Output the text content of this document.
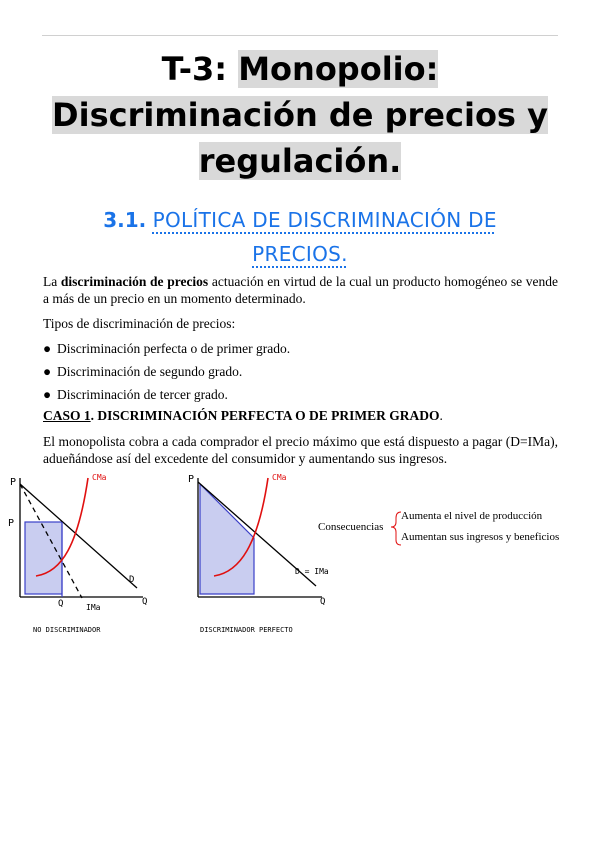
T-3: Monopolio:
Discriminación de precios y
regulación.
3.1. POLÍTICA DE DISCRIMINACIÓN DE
PRECIOS.
La discriminación de precios actuación en virtud de la cual un producto homogéneo se vende a más de un precio en un momento determinado.
Tipos de discriminación de precios:
● Discriminación perfecta o de primer grado.
● Discriminación de segundo grado.
● Discriminación de tercer grado.
CASO 1. DISCRIMINACIÓN PERFECTA O DE PRIMER GRADO.
El monopolista cobra a cada comprador el precio máximo que está dispuesto a pagar (D=IMa), adueñándose así del excedente del consumidor y aumentando sus ingresos.
P
P
CMa
D
Q	Q
IMa
NO DISCRIMINADOR
P	CMa
D = IMa
Q
DISCRIMINADOR PERFECTO
Consecuencias
Aumenta el nivel de producción
Aumentan sus ingresos y beneficios
